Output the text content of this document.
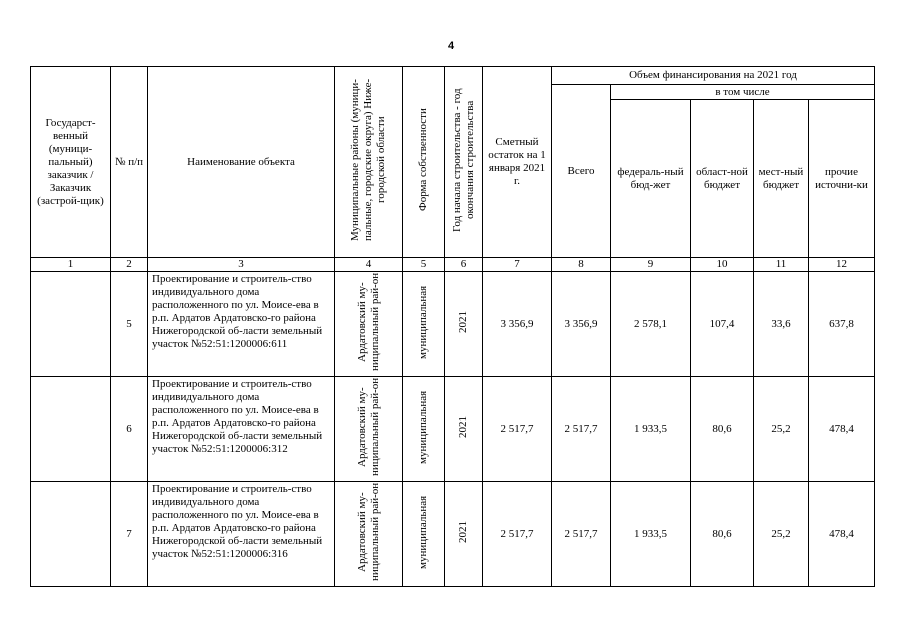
4
Государст-венный (муници-пальный) заказчик / Заказчик (застрой-щик)	№ п/п	Наименование объекта	Муниципальные районы (муници-пальные, городские округа) Ниже-городской области	Форма собственности	Год начала строительства - год окончания строительства	Сметный остаток на 1 января 2021 г.	Объем финансирования на 2021 год				
							Всего	в том числе			
								федераль-ный бюд-жет	област-ной бюджет	мест-ный бюджет	прочие источни-ки
1	2	3	4	5	6	7	8	9	10	11	12
	5	Проектирование и строитель-ство индивидуального дома расположенного по ул. Моисе-ева в р.п. Ардатов Ардатовско-го района Нижегородской об-ласти земельный участок №52:51:1200006:611	Ардатовский му-ниципальный рай-он	муниципальная	2021	3 356,9	3 356,9	2 578,1	107,4	33,6	637,8
	6	Проектирование и строитель-ство индивидуального дома расположенного по ул. Моисе-ева в р.п. Ардатов Ардатовско-го района Нижегородской об-ласти земельный участок №52:51:1200006:312	Ардатовский му-ниципальный рай-он	муниципальная	2021	2 517,7	2 517,7	1 933,5	80,6	25,2	478,4
	7	Проектирование и строитель-ство индивидуального дома расположенного по ул. Моисе-ева в р.п. Ардатов Ардатовско-го района Нижегородской об-ласти земельный участок №52:51:1200006:316	Ардатовский му-ниципальный рай-он	муниципальная	2021	2 517,7	2 517,7	1 933,5	80,6	25,2	478,4
